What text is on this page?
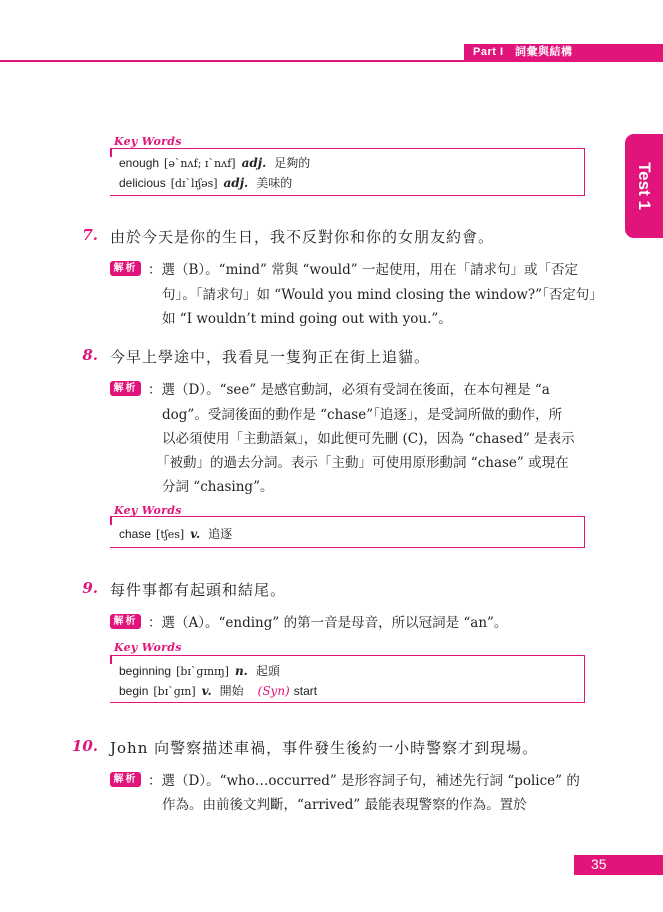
Part I　詞彙與結構
Test 1
Key Words
enough [ə`nʌf; ɪ`nʌf] adj. 足夠的
delicious [dɪ`lɪʃəs] adj. 美味的
7. 由於今天是你的生日，我不反對你和你的女朋友約會。
解析 ：選（B）。“mind” 常與 “would” 一起使用，用在「請求句」或「否定
句」。「請求句」如 “Would you mind closing the window?”「否定句」
如 “I wouldn’t mind going out with you.”。
8. 今早上學途中，我看見一隻狗正在街上追貓。
解析 ：選（D）。“see” 是感官動詞，必須有受詞在後面，在本句裡是 “a
dog”。受詞後面的動作是 “chase”「追逐」，是受詞所做的動作，所
以必須使用「主動語氣」，如此便可先刪 (C)，因為 “chased” 是表示
「被動」的過去分詞。表示「主動」可使用原形動詞 “chase” 或現在
分詞 “chasing”。
Key Words
chase [tʃes] v. 追逐
9. 每件事都有起頭和結尾。
解析 ：選（A）。“ending” 的第一音是母音，所以冠詞是 “an”。
Key Words
beginning [bɪ`gɪnɪŋ] n. 起頭
begin [bɪ`gɪn] v. 開始 (Syn) start
10. John 向警察描述車禍，事件發生後約一小時警察才到現場。
解析 ：選（D）。“who…occurred” 是形容詞子句，補述先行詞 “police” 的
作為。由前後文判斷，“arrived” 最能表現警察的作為。置於
35
